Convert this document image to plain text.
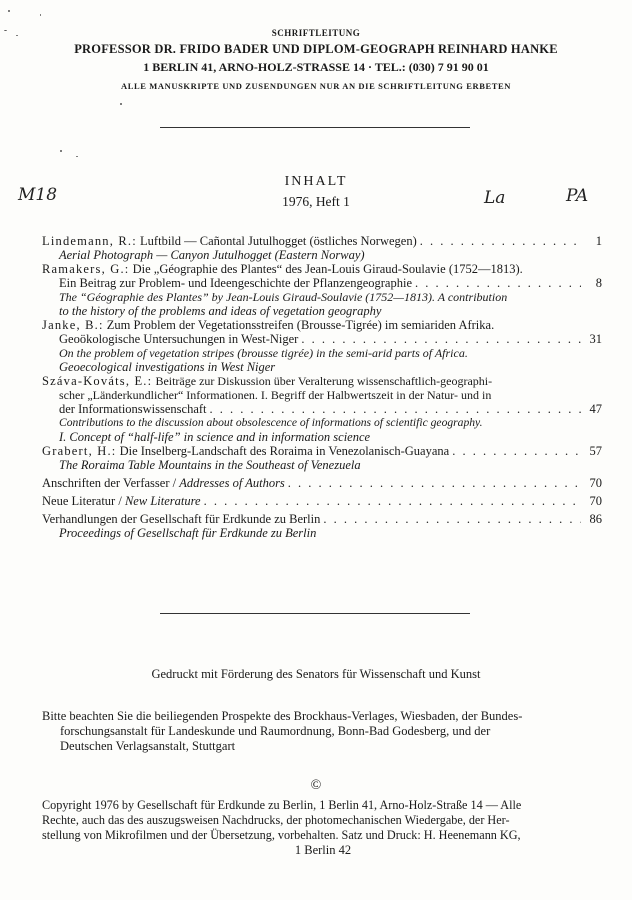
SCHRIFTLEITUNG
PROFESSOR DR. FRIDO BADER UND DIPLOM-GEOGRAPH REINHARD HANKE
1 BERLIN 41, ARNO-HOLZ-STRASSE 14 · TEL.: (030) 7 91 90 01
ALLE MANUSKRIPTE UND ZUSENDUNGEN NUR AN DIE SCHRIFTLEITUNG ERBETEN
INHALT
1976, Heft 1
M18	La	PA
Lindemann, R.: Luftbild — Cañontal Jutulhogget (östliches Norwegen) . . .	1
Aerial Photograph — Canyon Jutulhogget (Eastern Norway)
Ramakers, G.: Die „Géographie des Plantes“ des Jean-Louis Giraud-Soulavie (1752—1813).
Ein Beitrag zur Problem- und Ideengeschichte der Pflanzengeographie . . .	8
The “Géographie des Plantes” by Jean-Louis Giraud-Soulavie (1752—1813). A contribution
to the history of the problems and ideas of vegetation geography
Janke, B.: Zum Problem der Vegetationsstreifen (Brousse-Tigrée) im semiariden Afrika.
Geoökologische Untersuchungen in West-Niger . . .	31
On the problem of vegetation stripes (brousse tigrée) in the semi-arid parts of Africa.
Geoecological investigations in West Niger
Száva-Kováts, E.: Beiträge zur Diskussion über Veralterung wissenschaftlich-geographi-
scher „Länderkundlicher“ Informationen. I. Begriff der Halbwertszeit in der Natur- und in
der Informationswissenschaft . . .	47
Contributions to the discussion about obsolescence of informations of scientific geography.
I. Concept of “half-life” in science and in information science
Grabert, H.: Die Inselberg-Landschaft des Roraima in Venezolanisch-Guayana . . .	57
The Roraima Table Mountains in the Southeast of Venezuela
Anschriften der Verfasser / Addresses of Authors . . .	70
Neue Literatur / New Literature . . .	70
Verhandlungen der Gesellschaft für Erdkunde zu Berlin . . .	86
Proceedings of Gesellschaft für Erdkunde zu Berlin
Gedruckt mit Förderung des Senators für Wissenschaft und Kunst
Bitte beachten Sie die beiliegenden Prospekte des Brockhaus-Verlages, Wiesbaden, der Bundes-
forschungsanstalt für Landeskunde und Raumordnung, Bonn-Bad Godesberg, und der
Deutschen Verlagsanstalt, Stuttgart
©
Copyright 1976 by Gesellschaft für Erdkunde zu Berlin, 1 Berlin 41, Arno-Holz-Straße 14 — Alle
Rechte, auch das des auszugsweisen Nachdrucks, der photomechanischen Wiedergabe, der Her-
stellung von Mikrofilmen und der Übersetzung, vorbehalten. Satz und Druck: H. Heenemann KG,
1 Berlin 42
